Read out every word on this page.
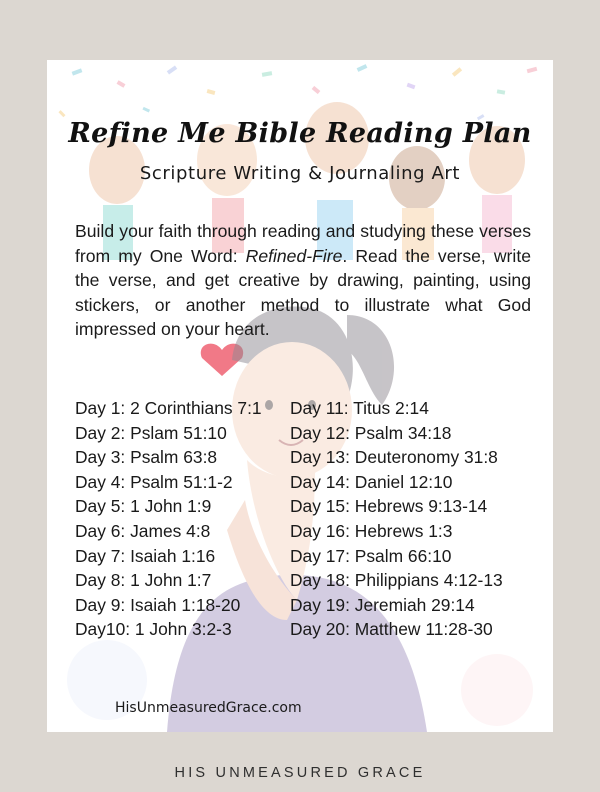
Refine Me Bible Reading Plan
Scripture Writing & Journaling Art

Build your faith through reading and studying these verses from my One Word: Refined-Fire. Read the verse, write the verse, and get creative by drawing, painting, using stickers, or another method to illustrate what God impressed on your heart.

Day 1: 2 Corinthians 7:1
Day 2: Pslam 51:10
Day 3: Psalm 63:8
Day 4: Psalm 51:1-2
Day 5: 1 John 1:9
Day 6: James 4:8
Day 7: Isaiah 1:16
Day 8: 1 John 1:7
Day 9: Isaiah 1:18-20
Day10: 1 John 3:2-3
Day 11: Titus 2:14
Day 12: Psalm 34:18
Day 13: Deuteronomy 31:8
Day 14: Daniel 12:10
Day 15: Hebrews 9:13-14
Day 16: Hebrews 1:3
Day 17: Psalm 66:10
Day 18: Philippians 4:12-13
Day 19: Jeremiah 29:14
Day 20: Matthew 11:28-30
HisUnmeasuredGrace.com
HIS UNMEASURED GRACE
